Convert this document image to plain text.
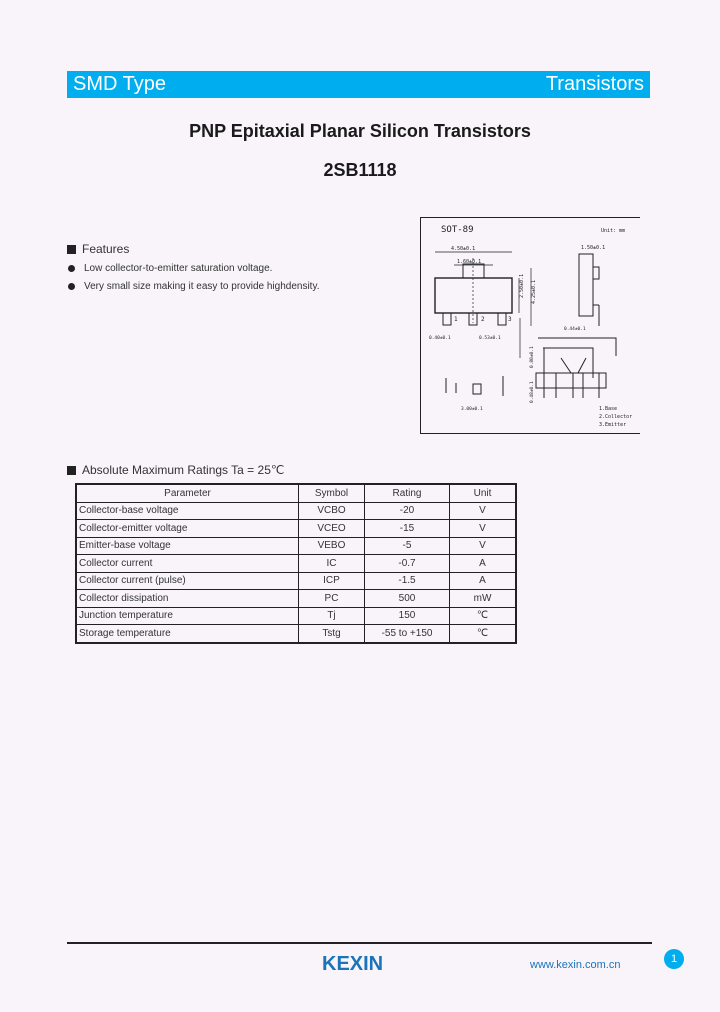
SMD Type	Transistors
PNP Epitaxial Planar Silicon Transistors
2SB1118
Features
Low collector-to-emitter saturation voltage.
Very small size making it easy to provide highdensity.
SOT-89	Unit: mm
4.50±0.1
1.60±0.1
1	2	3
2.50±0.1 4.25±0.1
0.40±0.1	0.53±0.1
1.50±0.1
0.44±0.1
0.80±0.1
0.48±0.1
3.00±0.1	1.Base
2.Collector
3.Emitter
Absolute Maximum Ratings Ta = 25℃
Parameter	Symbol	Rating	Unit
Collector-base voltage	VCBO	-20	V
Collector-emitter voltage	VCEO	-15	V
Emitter-base voltage	VEBO	-5	V
Collector current	IC	-0.7	A
Collector current (pulse)	ICP	-1.5	A
Collector dissipation	PC	500	mW
Junction temperature	Tj	150	℃
Storage temperature	Tstg	-55 to +150	℃
KEXIN	www.kexin.com.cn	1
